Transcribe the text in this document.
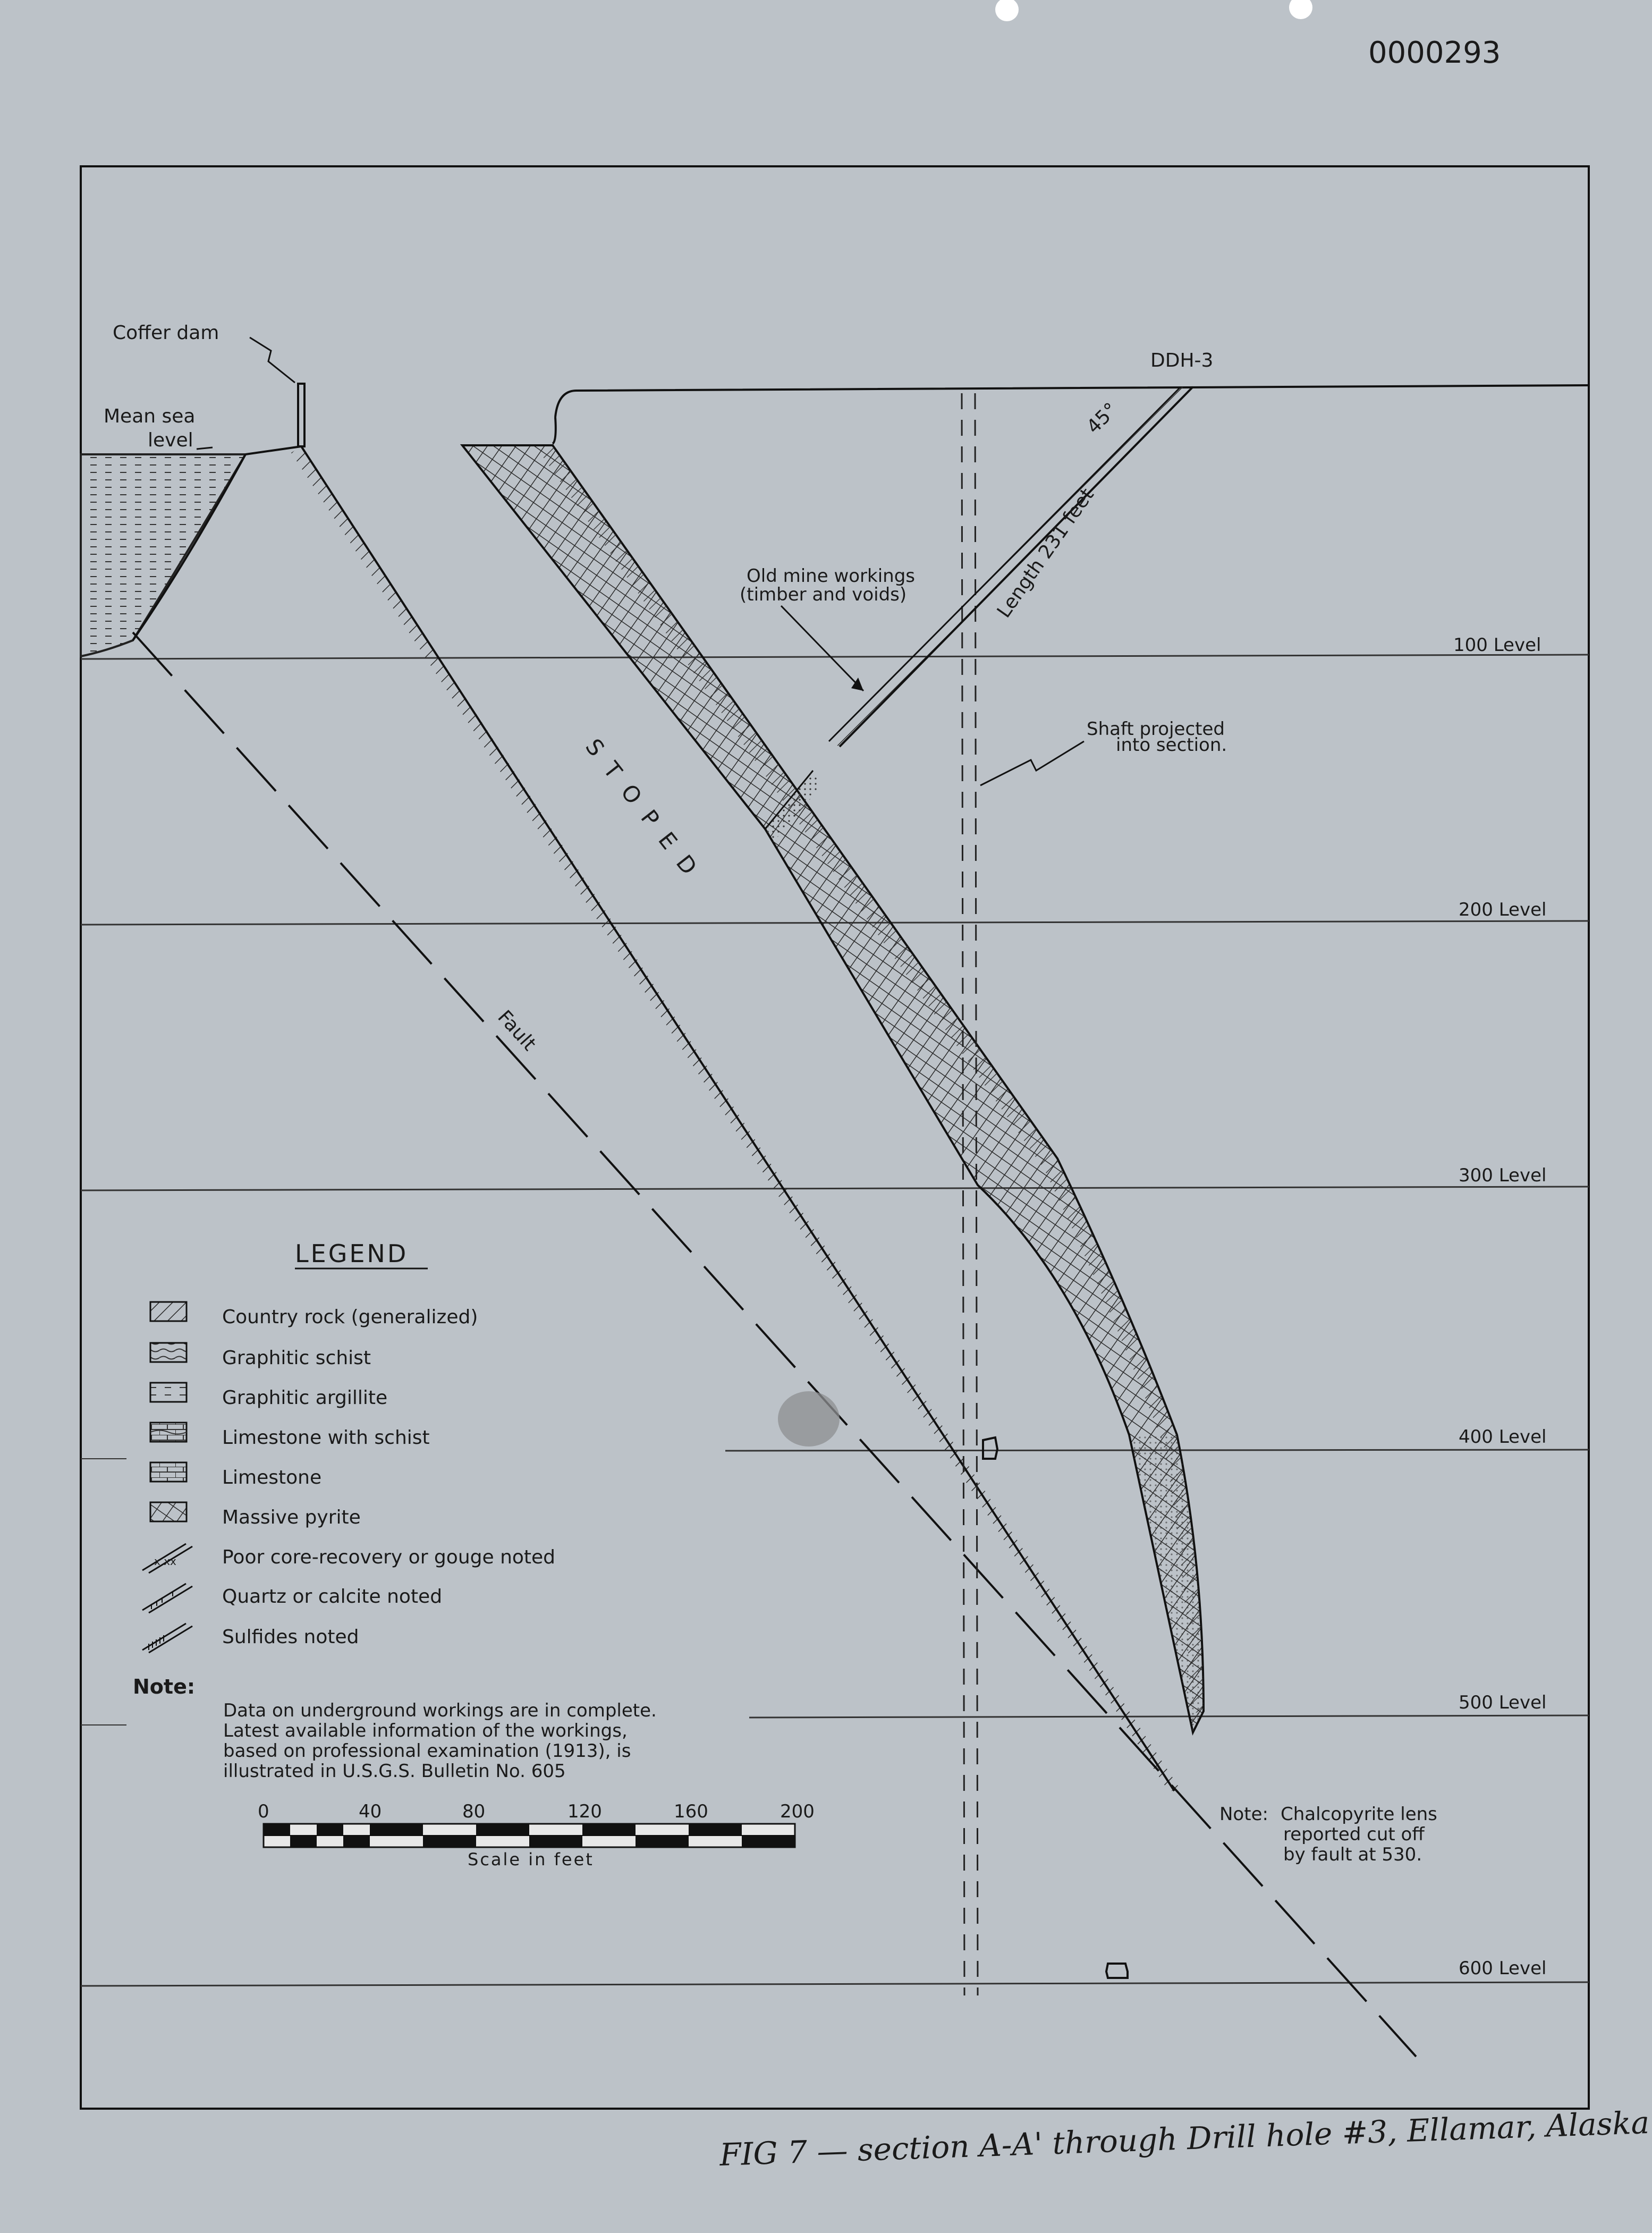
0000293
100 Level
200 Level
300 Level
400 Level
500 Level
600 Level
Coffer dam
Mean sea
level
DDH-3
45°
Length 231 feet
Old mine workings
(timber and voids)
Shaft projected
into section.
STOPED
Fault
LEGEND
Country rock (generalized)
Graphitic schist
Graphitic argillite
Limestone with schist
Limestone
Massive pyrite
x xx Poor core-recovery or gouge noted
Quartz or calcite noted
Sulfides noted
Note:
Data on underground workings are in complete.
Latest available information of the workings,
based on professional examination (1913), is
illustrated in U.S.G.S. Bulletin No. 605
0	40	80	120	160	200
Scale in feet
Note: Chalcopyrite lens
reported cut off
by fault at 530.
FIG 7 — section A-A' through Drill hole #3, Ellamar, Alaska
